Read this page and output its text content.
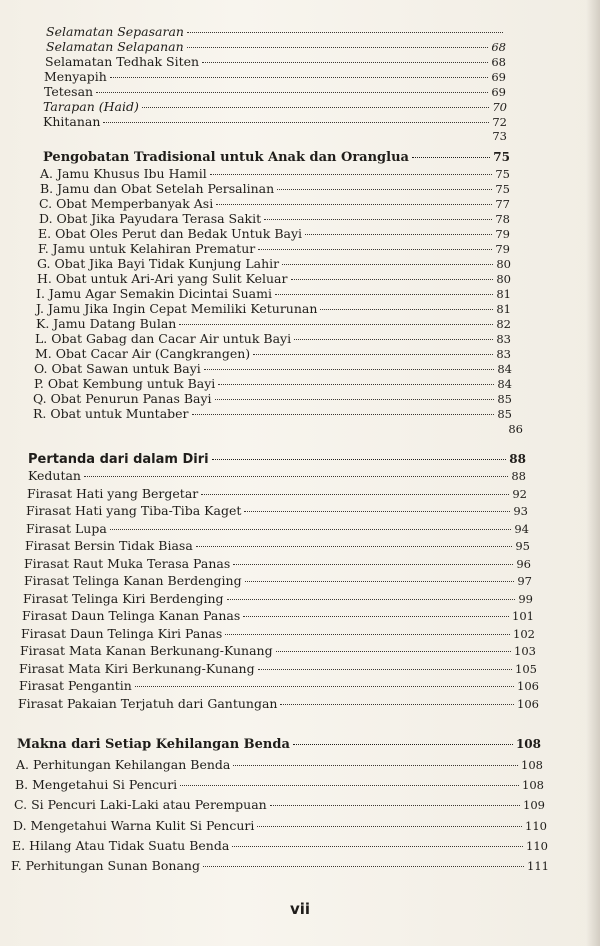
Selamatan Sepasaran
Selamatan Selapanan	68
Selamatan Tedhak Siten	68
Menyapih	69
Tetesan	69
Tarapan (Haid)	70
Khitanan	72
73
Pengobatan Tradisional untuk Anak dan Oranglua	75
A. Jamu Khusus Ibu Hamil	75
B. Jamu dan Obat Setelah Persalinan	75
C. Obat Memperbanyak Asi	77
D. Obat Jika Payudara Terasa Sakit	78
E. Obat Oles Perut dan Bedak Untuk Bayi	79
F. Jamu untuk Kelahiran Prematur	79
G. Obat Jika Bayi Tidak Kunjung Lahir	80
H. Obat untuk Ari-Ari yang Sulit Keluar	80
I. Jamu Agar Semakin Dicintai Suami	81
J. Jamu Jika Ingin Cepat Memiliki Keturunan	81
K. Jamu Datang Bulan	82
L. Obat Gabag dan Cacar Air untuk Bayi	83
M. Obat Cacar Air (Cangkrangen)	83
O. Obat Sawan untuk Bayi	84
P. Obat Kembung untuk Bayi	84
Q. Obat Penurun Panas Bayi	85
R. Obat untuk Muntaber	85
86
Pertanda dari dalam Diri	88
Kedutan	88
Firasat Hati yang Bergetar	92
Firasat Hati yang Tiba-Tiba Kaget	93
Firasat Lupa	94
Firasat Bersin Tidak Biasa	95
Firasat Raut Muka Terasa Panas	96
Firasat Telinga Kanan Berdenging	97
Firasat Telinga Kiri Berdenging	99
Firasat Daun Telinga Kanan Panas	101
Firasat Daun Telinga Kiri Panas	102
Firasat Mata Kanan Berkunang-Kunang	103
Firasat Mata Kiri Berkunang-Kunang	105
Firasat Pengantin	106
Firasat Pakaian Terjatuh dari Gantungan	106
Makna dari Setiap Kehilangan Benda	108
A. Perhitungan Kehilangan Benda	108
B. Mengetahui Si Pencuri	108
C. Si Pencuri Laki-Laki atau Perempuan	109
D. Mengetahui Warna Kulit Si Pencuri	110
E. Hilang Atau Tidak Suatu Benda	110
F. Perhitungan Sunan Bonang	111
vii
